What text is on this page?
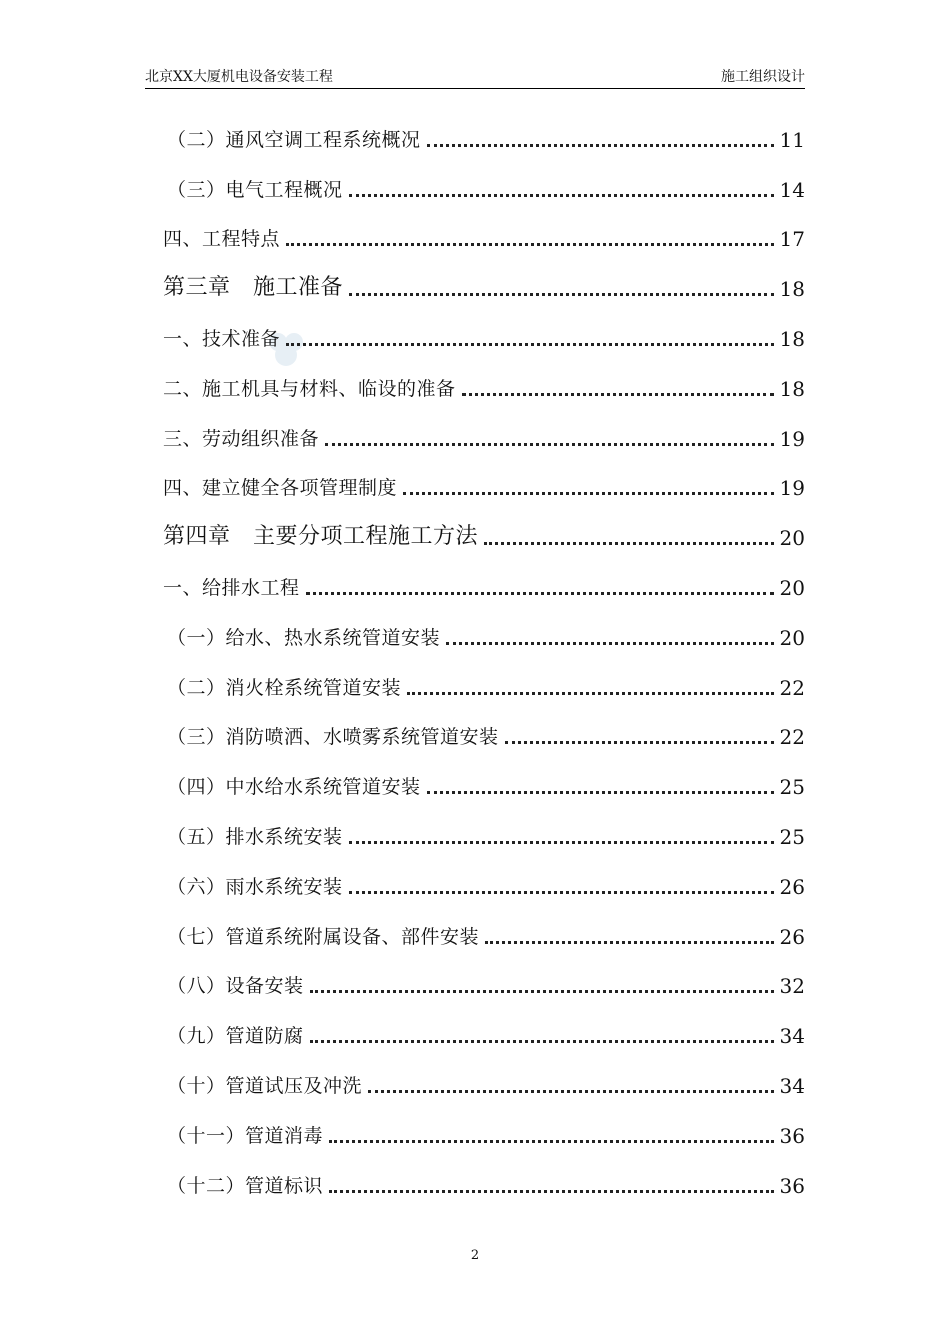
北京XX大厦机电设备安装工程	施工组织设计
（二）通风空调工程系统概况	11
（三）电气工程概况	14
四、工程特点	17
第三章　施工准备	18
一、技术准备	18
二、施工机具与材料、临设的准备	18
三、劳动组织准备	19
四、建立健全各项管理制度	19
第四章　主要分项工程施工方法	20
一、给排水工程	20
（一）给水、热水系统管道安装	20
（二）消火栓系统管道安装	22
（三）消防喷洒、水喷雾系统管道安装	22
（四）中水给水系统管道安装	25
（五）排水系统安装	25
（六）雨水系统安装	26
（七）管道系统附属设备、部件安装	26
（八）设备安装	32
（九）管道防腐	34
（十）管道试压及冲洗	34
（十一）管道消毒	36
（十二）管道标识	36
2
